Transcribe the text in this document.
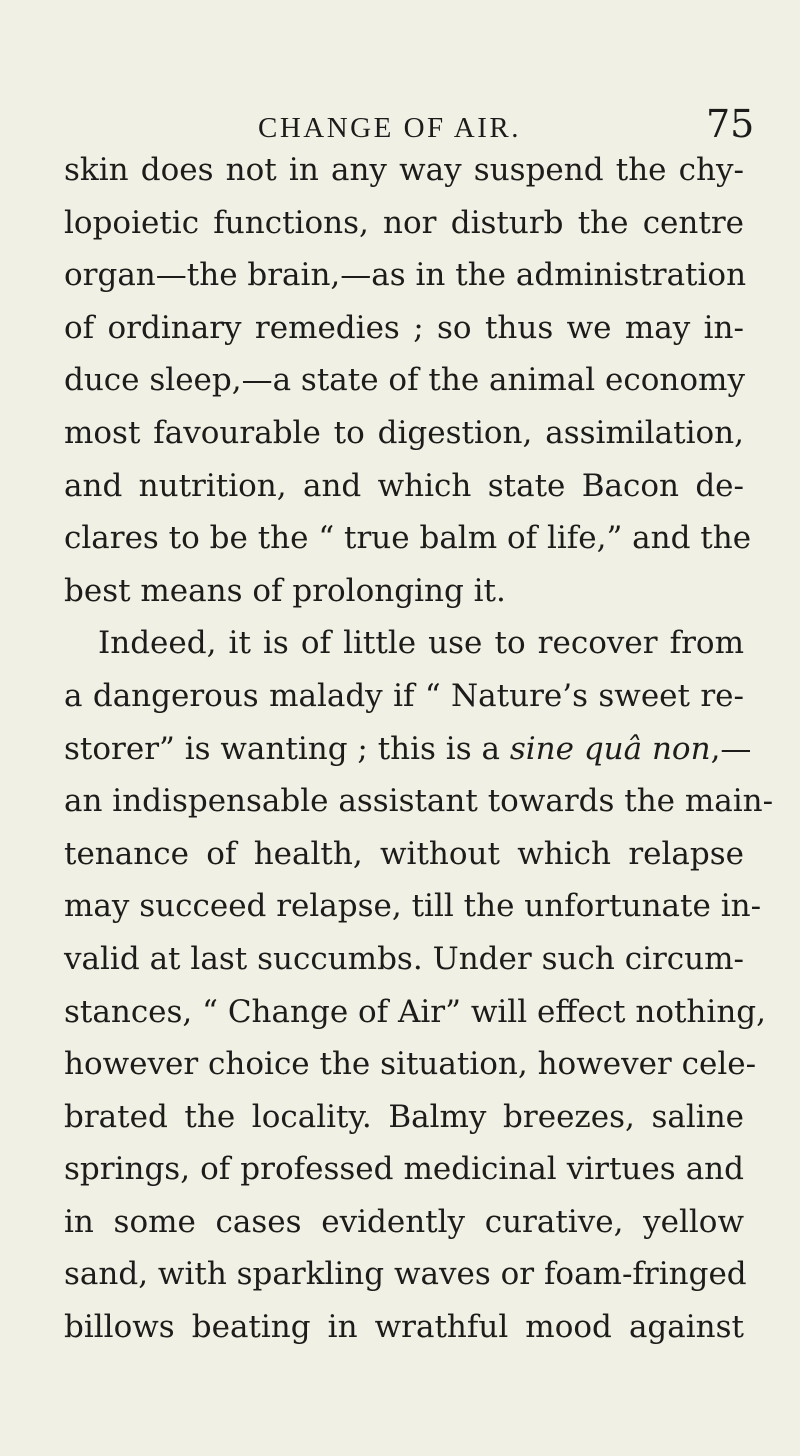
CHANGE OF AIR.	75
skin does not in any way suspend the chy-
lopoietic functions, nor disturb the centre
organ—the brain,—as in the administration
of ordinary remedies ; so thus we may in-
duce sleep,—a state of the animal economy
most favourable to digestion, assimilation,
and nutrition, and which state Bacon de-
clares to be the “ true balm of life,” and the
best means of prolonging it.
Indeed, it is of little use to recover from
a dangerous malady if “ Nature’s sweet re-
storer” is wanting ; this is a sine quâ non,—
an indispensable assistant towards the main-
tenance of health, without which relapse
may succeed relapse, till the unfortunate in-
valid at last succumbs. Under such circum-
stances, “ Change of Air” will effect nothing,
however choice the situation, however cele-
brated the locality. Balmy breezes, saline
springs, of professed medicinal virtues and
in some cases evidently curative, yellow
sand, with sparkling waves or foam-fringed
billows beating in wrathful mood against
